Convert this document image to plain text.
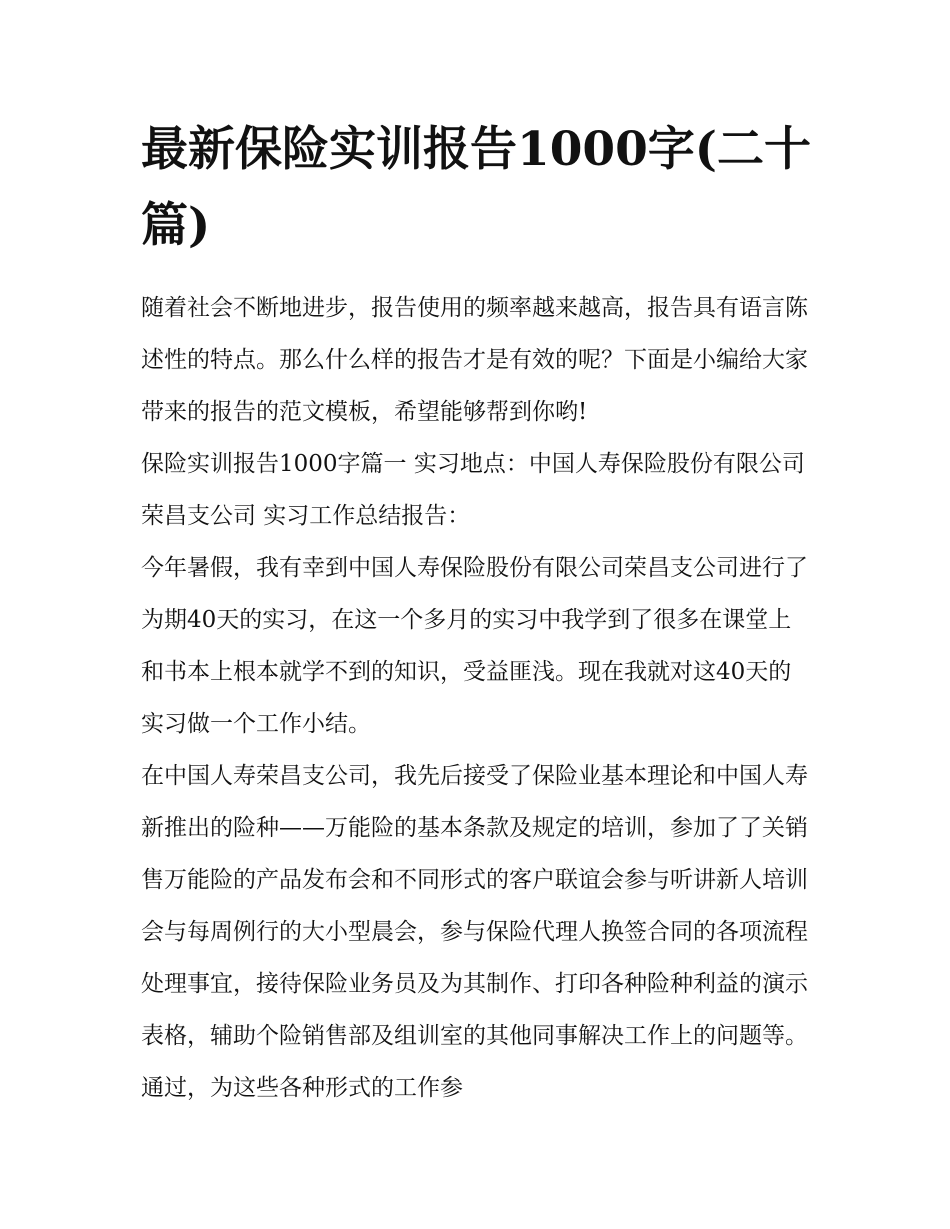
最新保险实训报告1000字(二十篇)

随着社会不断地进步，报告使用的频率越来越高，报告具有语言陈述性的特点。那么什么样的报告才是有效的呢？下面是小编给大家带来的报告的范文模板，希望能够帮到你哟!

保险实训报告1000字篇一 实习地点：中国人寿保险股份有限公司荣昌支公司 实习工作总结报告：

今年暑假，我有幸到中国人寿保险股份有限公司荣昌支公司进行了为期40天的实习，在这一个多月的实习中我学到了很多在课堂上和书本上根本就学不到的知识，受益匪浅。现在我就对这40天的实习做一个工作小结。

在中国人寿荣昌支公司，我先后接受了保险业基本理论和中国人寿新推出的险种——万能险的基本条款及规定的培训，参加了了关销售万能险的产品发布会和不同形式的客户联谊会参与听讲新人培训会与每周例行的大小型晨会，参与保险代理人换签合同的各项流程处理事宜，接待保险业务员及为其制作、打印各种险种利益的演示表格，辅助个险销售部及组训室的其他同事解决工作上的问题等。通过，为这些各种形式的工作参
